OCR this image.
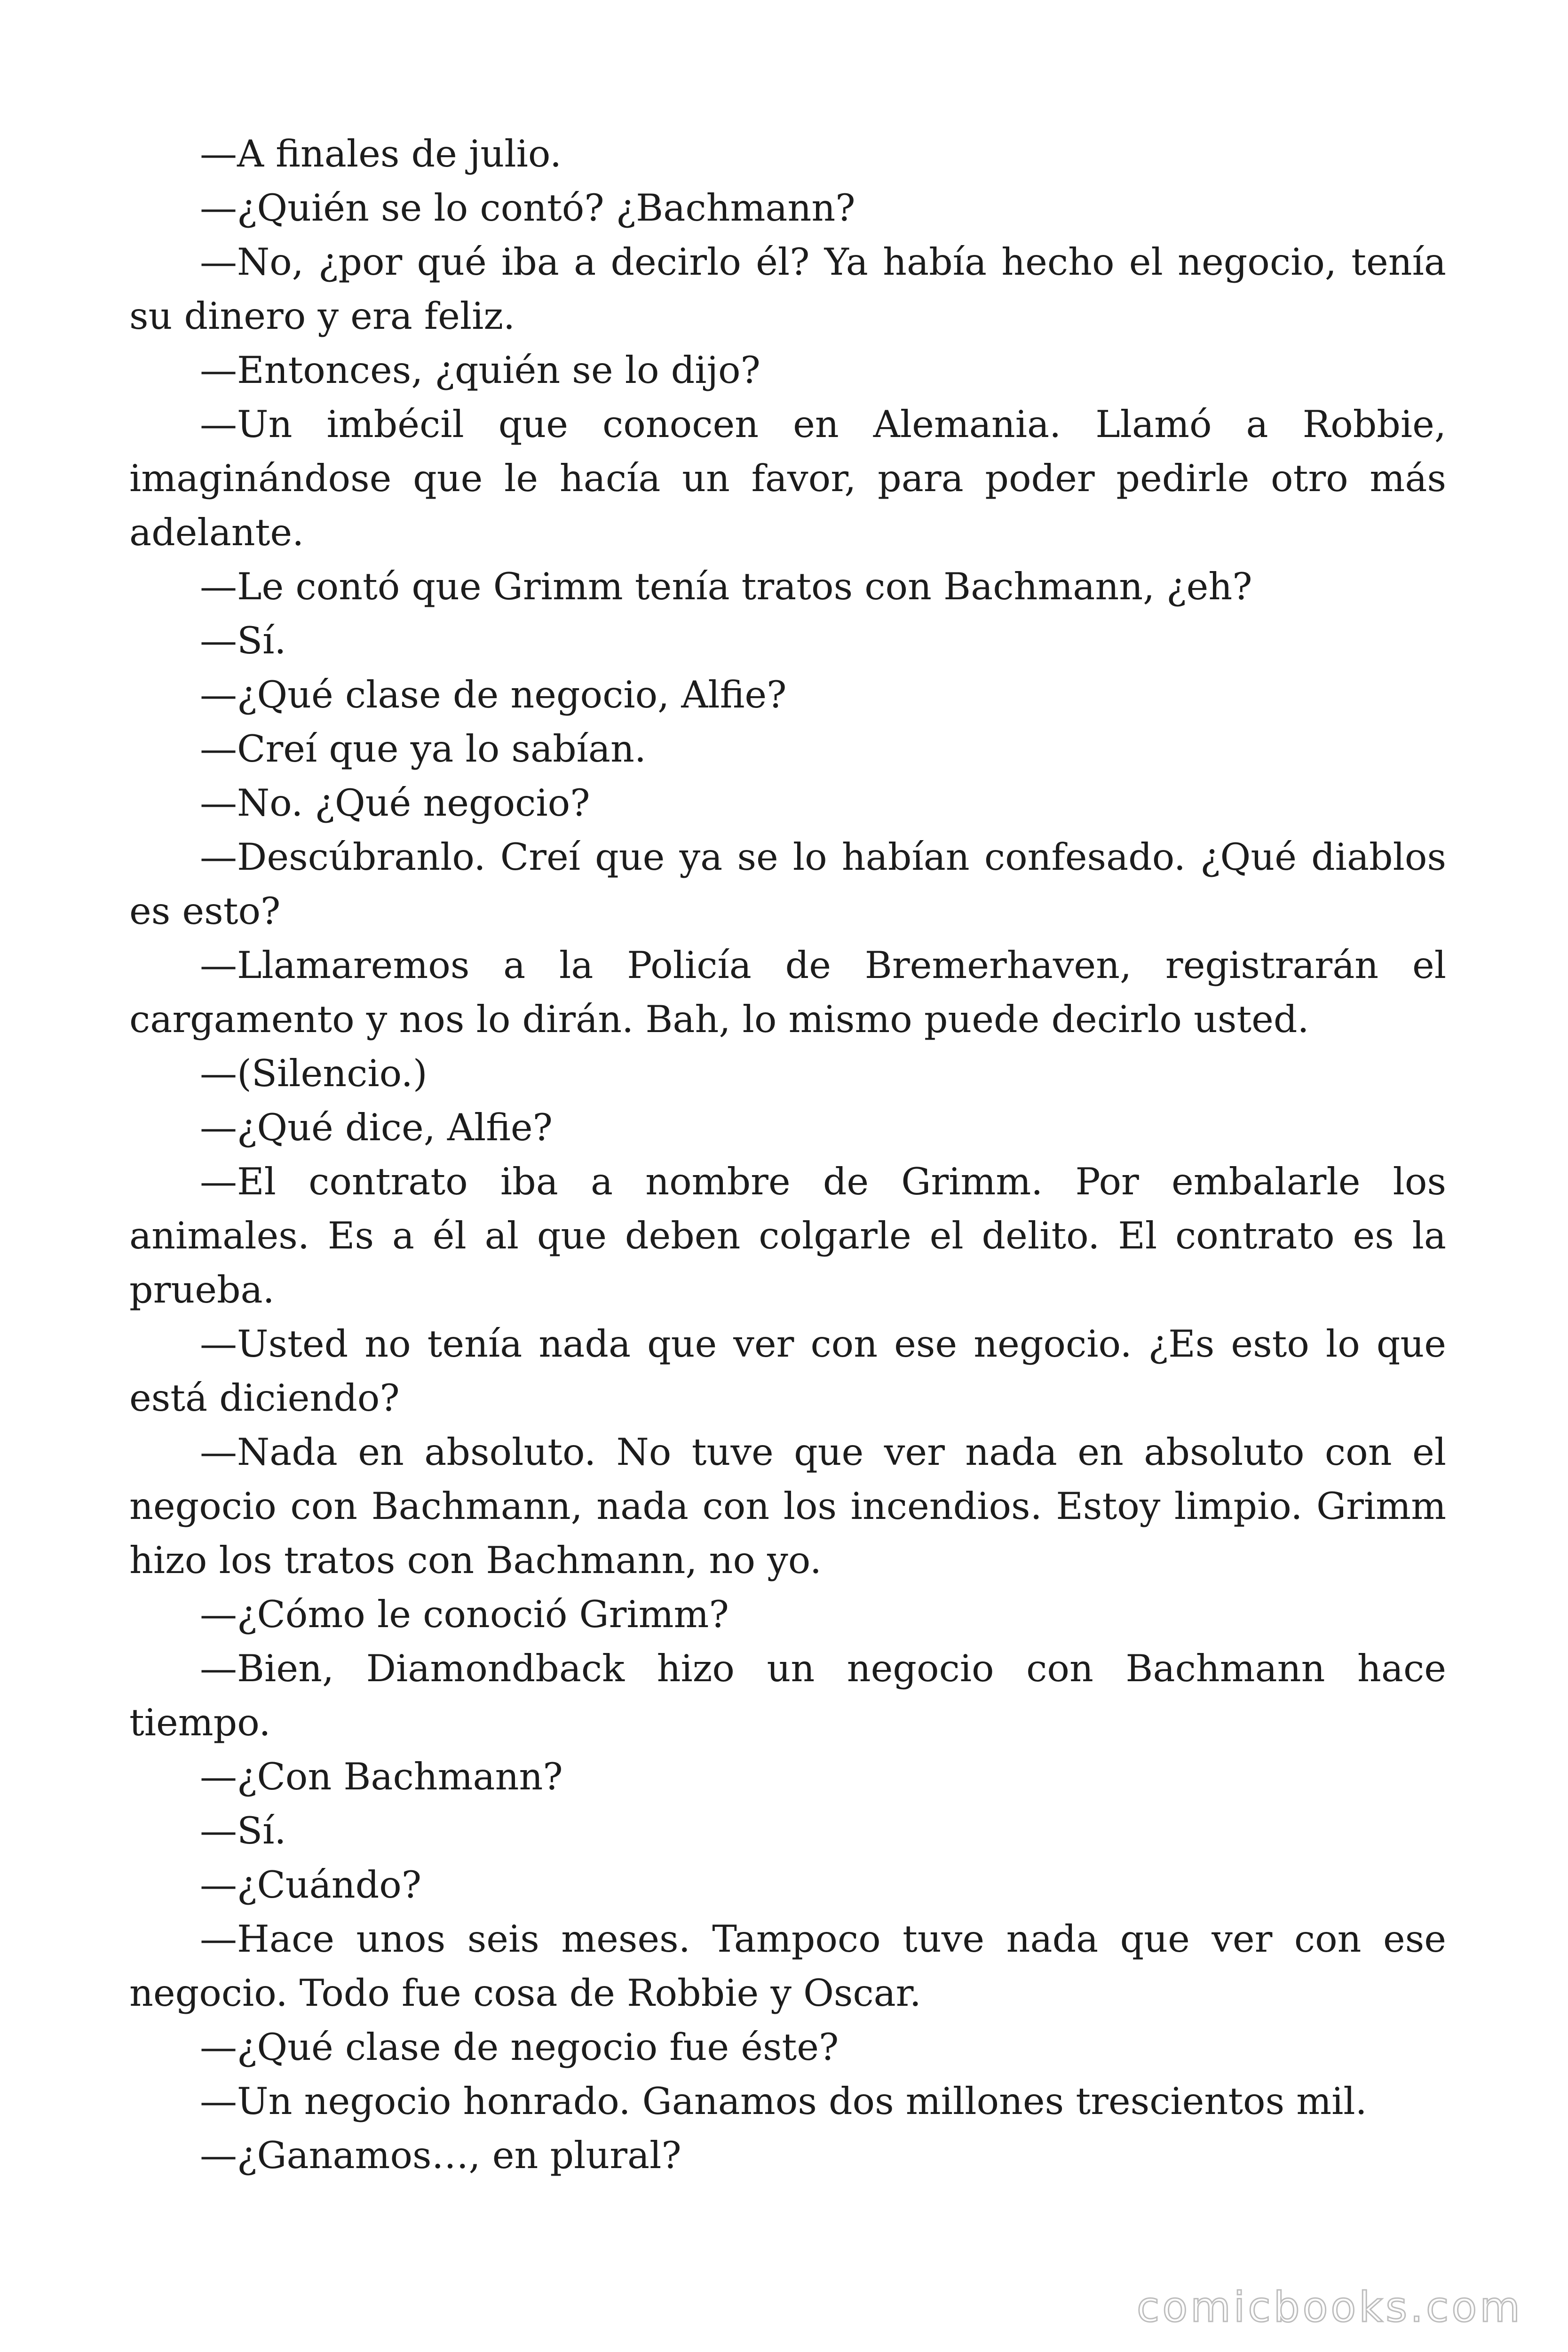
—A finales de julio.

—¿Quién se lo contó? ¿Bachmann?

—No, ¿por qué iba a decirlo él? Ya había hecho el negocio, tenía su dinero y era feliz.

—Entonces, ¿quién se lo dijo?

—Un imbécil que conocen en Alemania. Llamó a Robbie, imaginándose que le hacía un favor, para poder pedirle otro más adelante.

—Le contó que Grimm tenía tratos con Bachmann, ¿eh?

—Sí.

—¿Qué clase de negocio, Alfie?

—Creí que ya lo sabían.

—No. ¿Qué negocio?

—Descúbranlo. Creí que ya se lo habían confesado. ¿Qué diablos es esto?

—Llamaremos a la Policía de Bremerhaven, registrarán el cargamento y nos lo dirán. Bah, lo mismo puede decirlo usted.

—(Silencio.)

—¿Qué dice, Alfie?

—El contrato iba a nombre de Grimm. Por embalarle los animales. Es a él al que deben colgarle el delito. El contrato es la prueba.

—Usted no tenía nada que ver con ese negocio. ¿Es esto lo que está diciendo?

—Nada en absoluto. No tuve que ver nada en absoluto con el negocio con Bachmann, nada con los incendios. Estoy limpio. Grimm hizo los tratos con Bachmann, no yo.

—¿Cómo le conoció Grimm?

—Bien, Diamondback hizo un negocio con Bachmann hace tiempo.

—¿Con Bachmann?

—Sí.

—¿Cuándo?

—Hace unos seis meses. Tampoco tuve nada que ver con ese negocio. Todo fue cosa de Robbie y Oscar.

—¿Qué clase de negocio fue éste?

—Un negocio honrado. Ganamos dos millones trescientos mil.

—¿Ganamos…, en plural?

comicbooks.com
